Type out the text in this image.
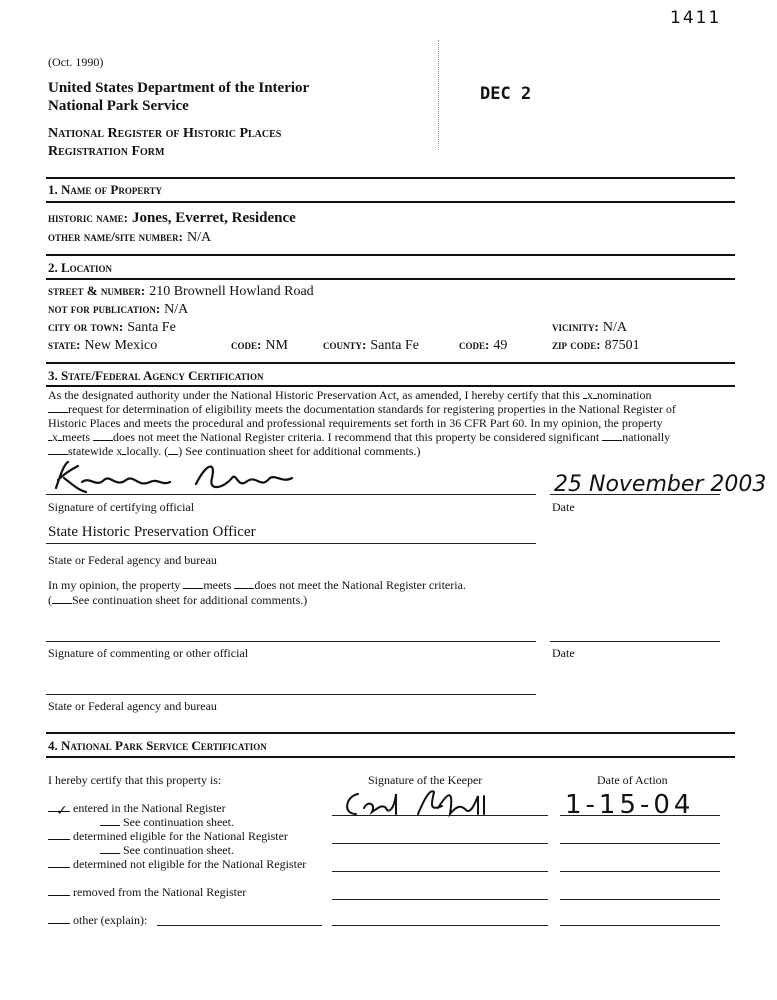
1411
DEC 2
(Oct. 1990)
United States Department of the Interior
National Park Service
National Register of Historic Places
Registration Form
1. Name of Property
historic name: Jones, Everret, Residence
other name/site number: N/A
2. Location
street & number: 210 Brownell Howland Road
not for publication: N/A
city or town: Santa Fe	vicinity: N/A
state: New Mexico	code: NM	county: Santa Fe	code: 49	zip code: 87501
3. State/Federal Agency Certification
As the designated authority under the National Historic Preservation Act, as amended, I hereby certify that this x nomination
request for determination of eligibility meets the documentation standards for registering properties in the National Register of
Historic Places and meets the procedural and professional requirements set forth in 36 CFR Part 60. In my opinion, the property
x meets does not meet the National Register criteria. I recommend that this property be considered significant nationally
statewide x locally. ( ) See continuation sheet for additional comments.)
25 November 2003
Signature of certifying official	Date
State Historic Preservation Officer
State or Federal agency and bureau
In my opinion, the property meets does not meet the National Register criteria.
( See continuation sheet for additional comments.)
Signature of commenting or other official	Date
State or Federal agency and bureau
4. National Park Service Certification
I hereby certify that this property is:	Signature of the Keeper	Date of Action
1-15-04
✓ entered in the National Register
See continuation sheet.
determined eligible for the National Register
See continuation sheet.
determined not eligible for the National Register
removed from the National Register
other (explain):
